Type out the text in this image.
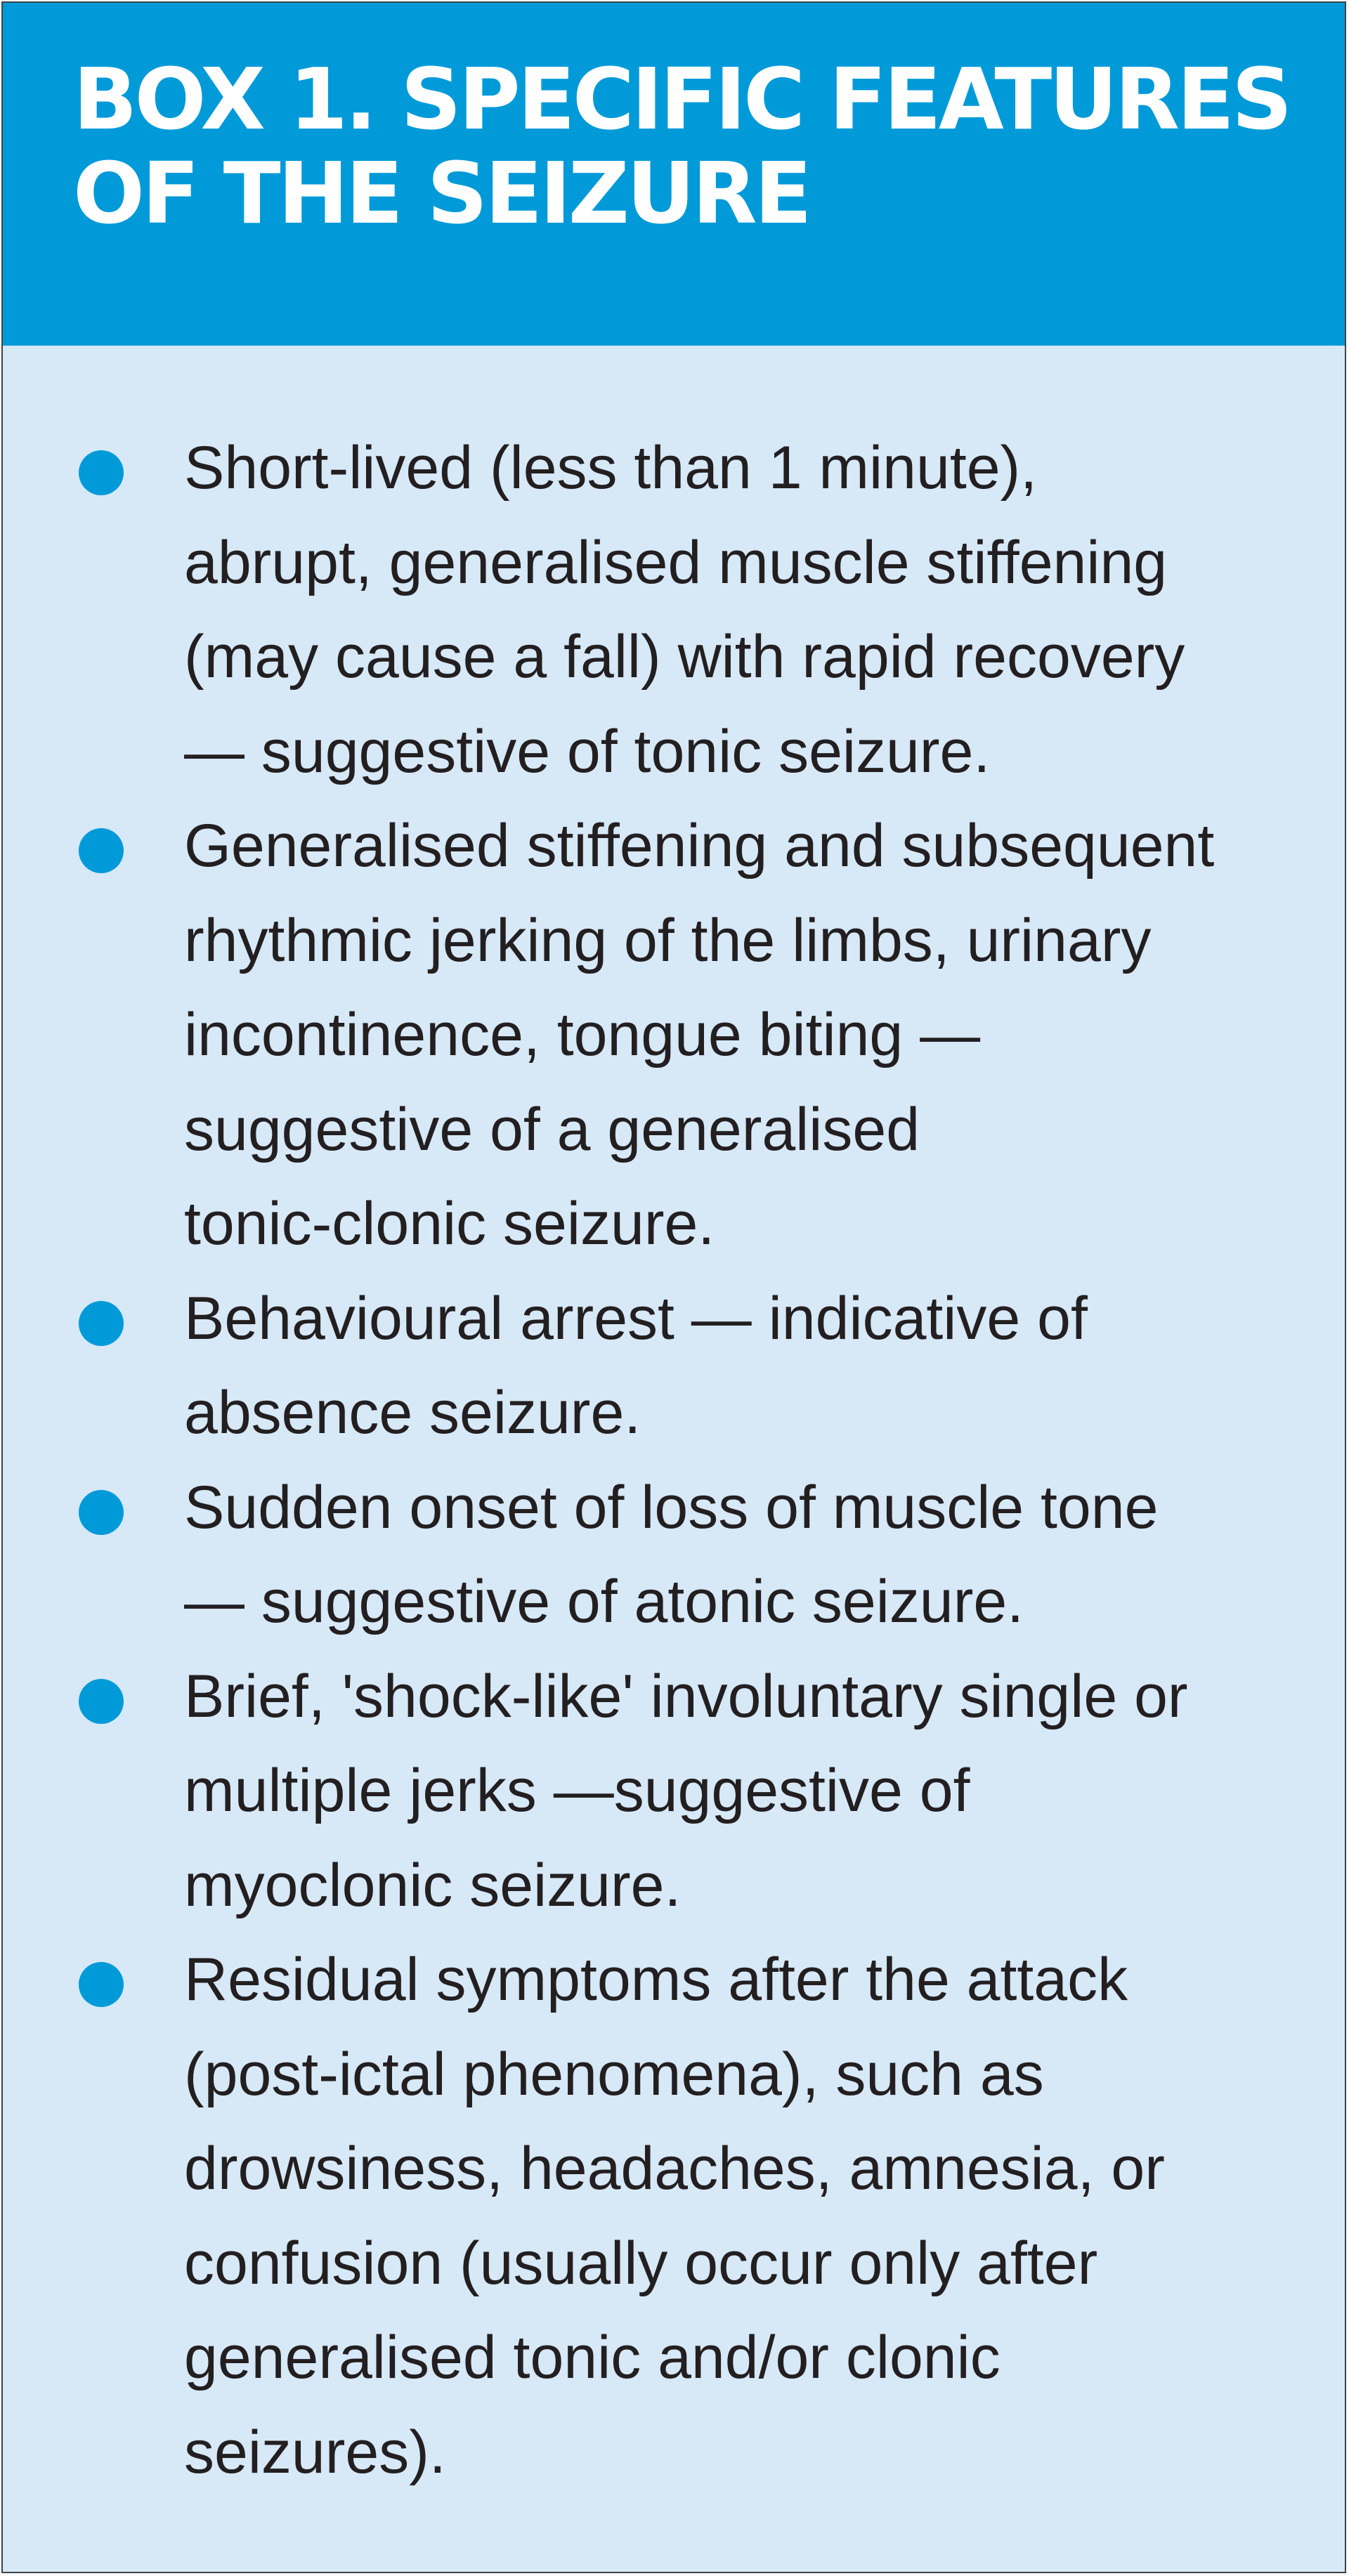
BOX 1. SPECIFIC FEATURES
OF THE SEIZURE
Short-lived (less than 1 minute),
abrupt, generalised muscle stiffening
(may cause a fall) with rapid recovery
— suggestive of tonic seizure.
Generalised stiffening and subsequent
rhythmic jerking of the limbs, urinary
incontinence, tongue biting —
suggestive of a generalised
tonic-clonic seizure.
Behavioural arrest — indicative of
absence seizure.
Sudden onset of loss of muscle tone
— suggestive of atonic seizure.
Brief, 'shock-like' involuntary single or
multiple jerks —suggestive of
myoclonic seizure.
Residual symptoms after the attack
(post-ictal phenomena), such as
drowsiness, headaches, amnesia, or
confusion (usually occur only after
generalised tonic and/or clonic
seizures).
